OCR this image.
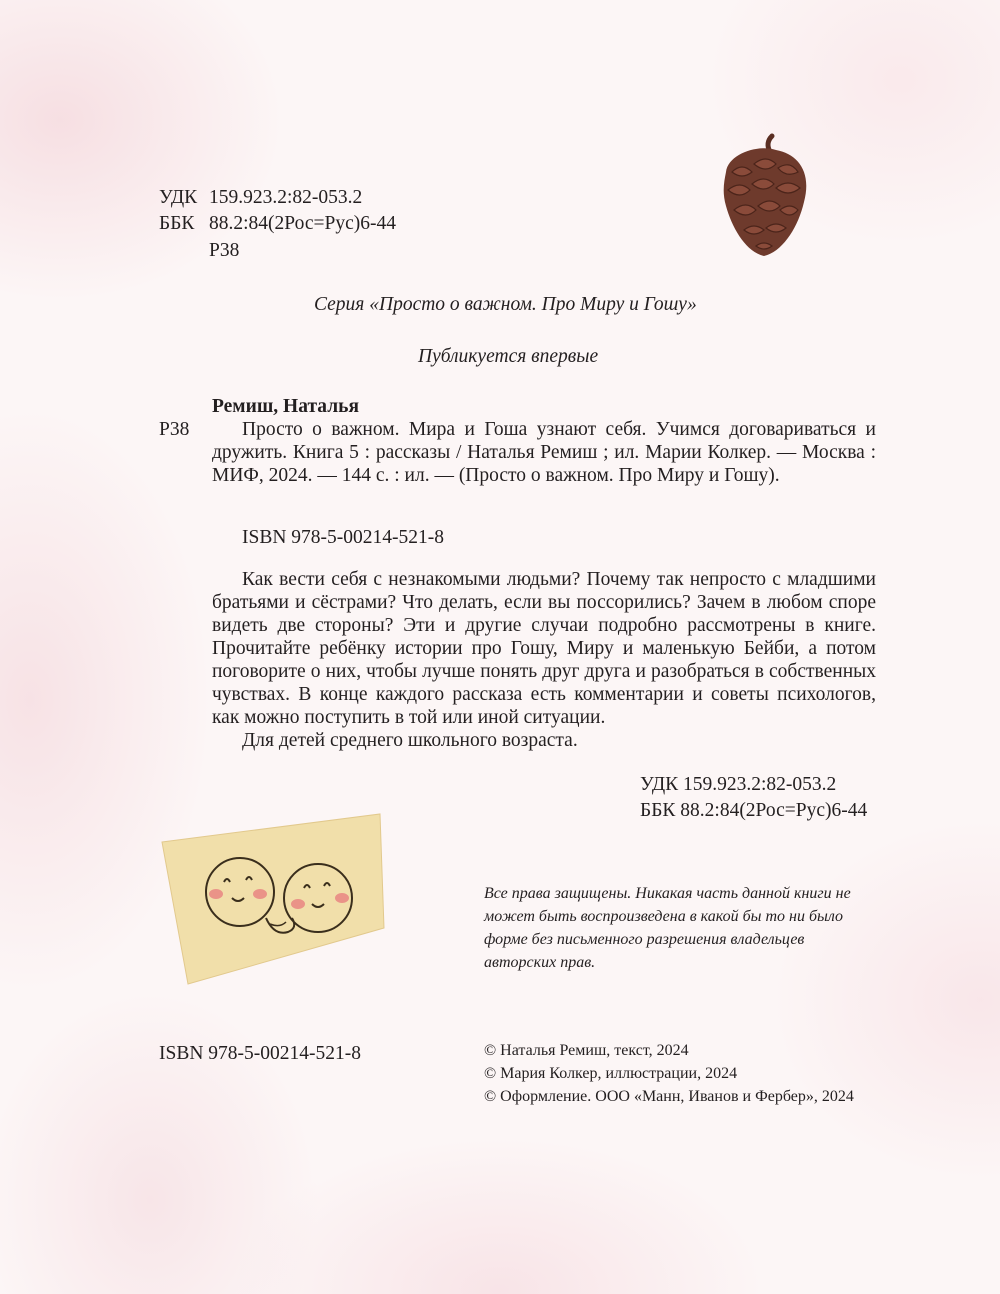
УДК 159.923.2:82-053.2
ББК 88.2:84(2Рос=Рус)6-44
Р38
Серия «Просто о важном. Про Миру и Гошу»
Публикуется впервые
Ремиш, Наталья
Р38	Просто о важном. Мира и Гоша узнают себя. Учимся договариваться и дружить. Книга 5 : рассказы / Наталья Ремиш ; ил. Марии Колкер. — Москва : МИФ, 2024. — 144 с. : ил. — (Просто о важном. Про Миру и Гошу).
ISBN 978-5-00214-521-8
Как вести себя с незнакомыми людьми? Почему так непросто с младшими братьями и сёстрами? Что делать, если вы поссорились? Зачем в любом споре видеть две стороны? Эти и другие случаи подробно рассмотрены в книге. Прочитайте ребёнку истории про Гошу, Миру и маленькую Бейби, а потом поговорите о них, чтобы лучше понять друг друга и разобраться в собственных чувствах. В конце каждого рассказа есть комментарии и советы психологов, как можно поступить в той или иной ситуации.
Для детей среднего школьного возраста.
УДК 159.923.2:82-053.2
ББК 88.2:84(2Рос=Рус)6-44
Все права защищены. Никакая часть данной книги не может быть воспроизведена в какой бы то ни было форме без письменного разрешения владельцев авторских прав.
ISBN 978-5-00214-521-8	© Наталья Ремиш, текст, 2024
© Мария Колкер, иллюстрации, 2024
© Оформление. ООО «Манн, Иванов и Фербер», 2024
